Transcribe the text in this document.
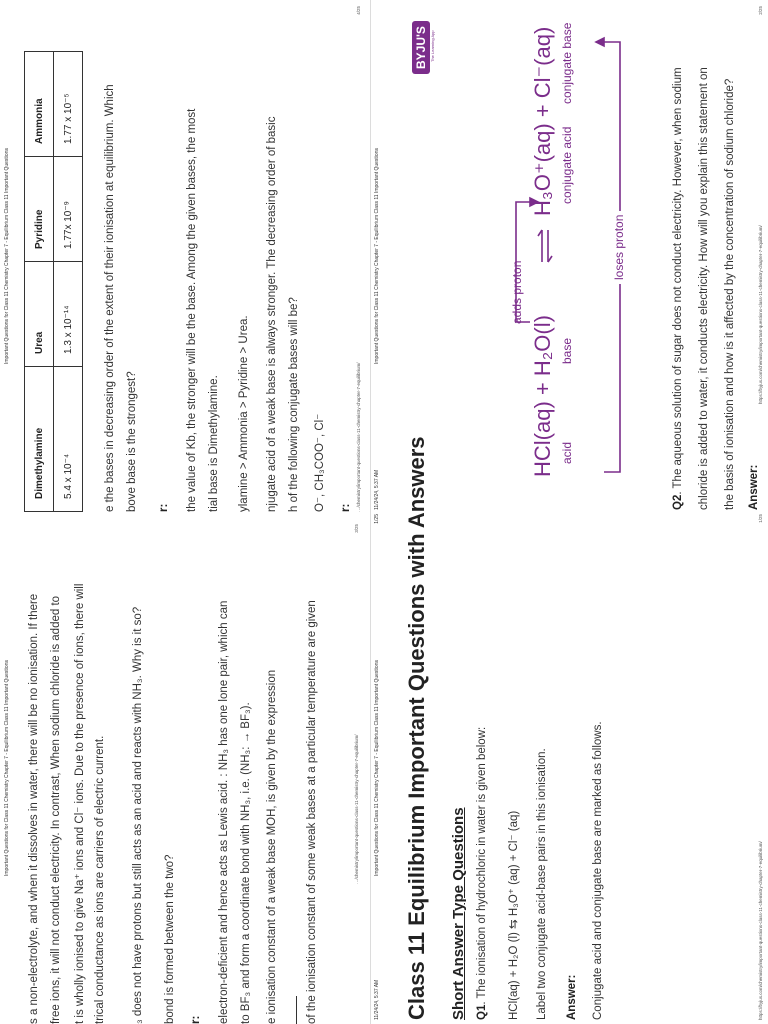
Important Questions for Class 11 Chemistry Chapter 7 - Equilibrium Class 11 Important Questions s a non-electrolyte, and when it dissolves in water, there will be no ionisation. If there free ions, it will not conduct electricity. In contrast, When sodium chloride is added to t is wholly ionised to give Na⁺ ions and Cl⁻ ions. Due to the presence of ions, there will trical conductance as ions are carriers of electric current. ₃ does not have protons but still acts as an acid and reacts with NH₃. Why is it so? bond is formed between the two? r: electron-deficient and hence acts as Lewis acid. : NH₃ has one lone pair, which can to BF₃ and form a coordinate bond with NH₃, i.e. (NH₃: → BF₃). e ionisation constant of a weak base MOH, is given by the expression of the ionisation constant of some weak bases at a particular temperature are given	…/chemistry/important-questions-class-11-chemistry-chapter-7-equilibrium/
3/25
Important Questions for Class 11 Chemistry Chapter 7 - Equilibrium Class 11 Important Questions
Dimethylamine	Urea	Pyridine	Ammonia
5.4 x 10⁻⁴	1.3 x 10⁻¹⁴	1.77x 10⁻⁹	1.77 x 10⁻⁵	e the bases in decreasing order of the extent of their ionisation at equilibrium. Which bove base is the strongest? r: the value of Kb, the stronger will be the base. Among the given bases, the most tial base is Dimethylamine. ylamine > Ammonia > Pyridine > Urea. njugate acid of a weak base is always stronger. The decreasing order of basic h of the following conjugate bases will be? O⁻, CH₃COO⁻, Cl⁻ r: …/chemistry/important-questions-class-11-chemistry-chapter-7-equilibrium/
4/25
11/24/24, 5:37 AM
Important Questions for Class 11 Chemistry Chapter 7 - Equilibrium Class 11 Important Questions
1/25 Class 11 Equilibrium Important Questions with Answers Short Answer Type Questions Q1. The ionisation of hydrochloric in water is given below: HCl(aq) + H₂O (l) ⇆ H₃O⁺ (aq) + Cl⁻ (aq) Label two conjugate acid-base pairs in this ionisation. Answer: Conjugate acid and conjugate base are marked as follows.	https://byjus.com/chemistry/important-questions-class-11-chemistry-chapter-7-equilibrium/
1/25
11/24/24, 5:37 AM
Important Questions for Class 11 Chemistry Chapter 7 - Equilibrium Class 11 Important Questions
BYJU'S The Learning App
adds proton
HCl(aq) + H₂O(l)
H₃O⁺(aq) + Cl⁻(aq)
acid
base
conjugate acid
conjugate base
loses proton
Q2. The aqueous solution of sugar does not conduct electricity. However, when sodium chloride is added to water, it conducts electricity. How will you explain this statement on the basis of ionisation and how is it affected by the concentration of sodium chloride? Answer:
https://byjus.com/chemistry/important-questions-class-11-chemistry-chapter-7-equilibrium/
2/25
